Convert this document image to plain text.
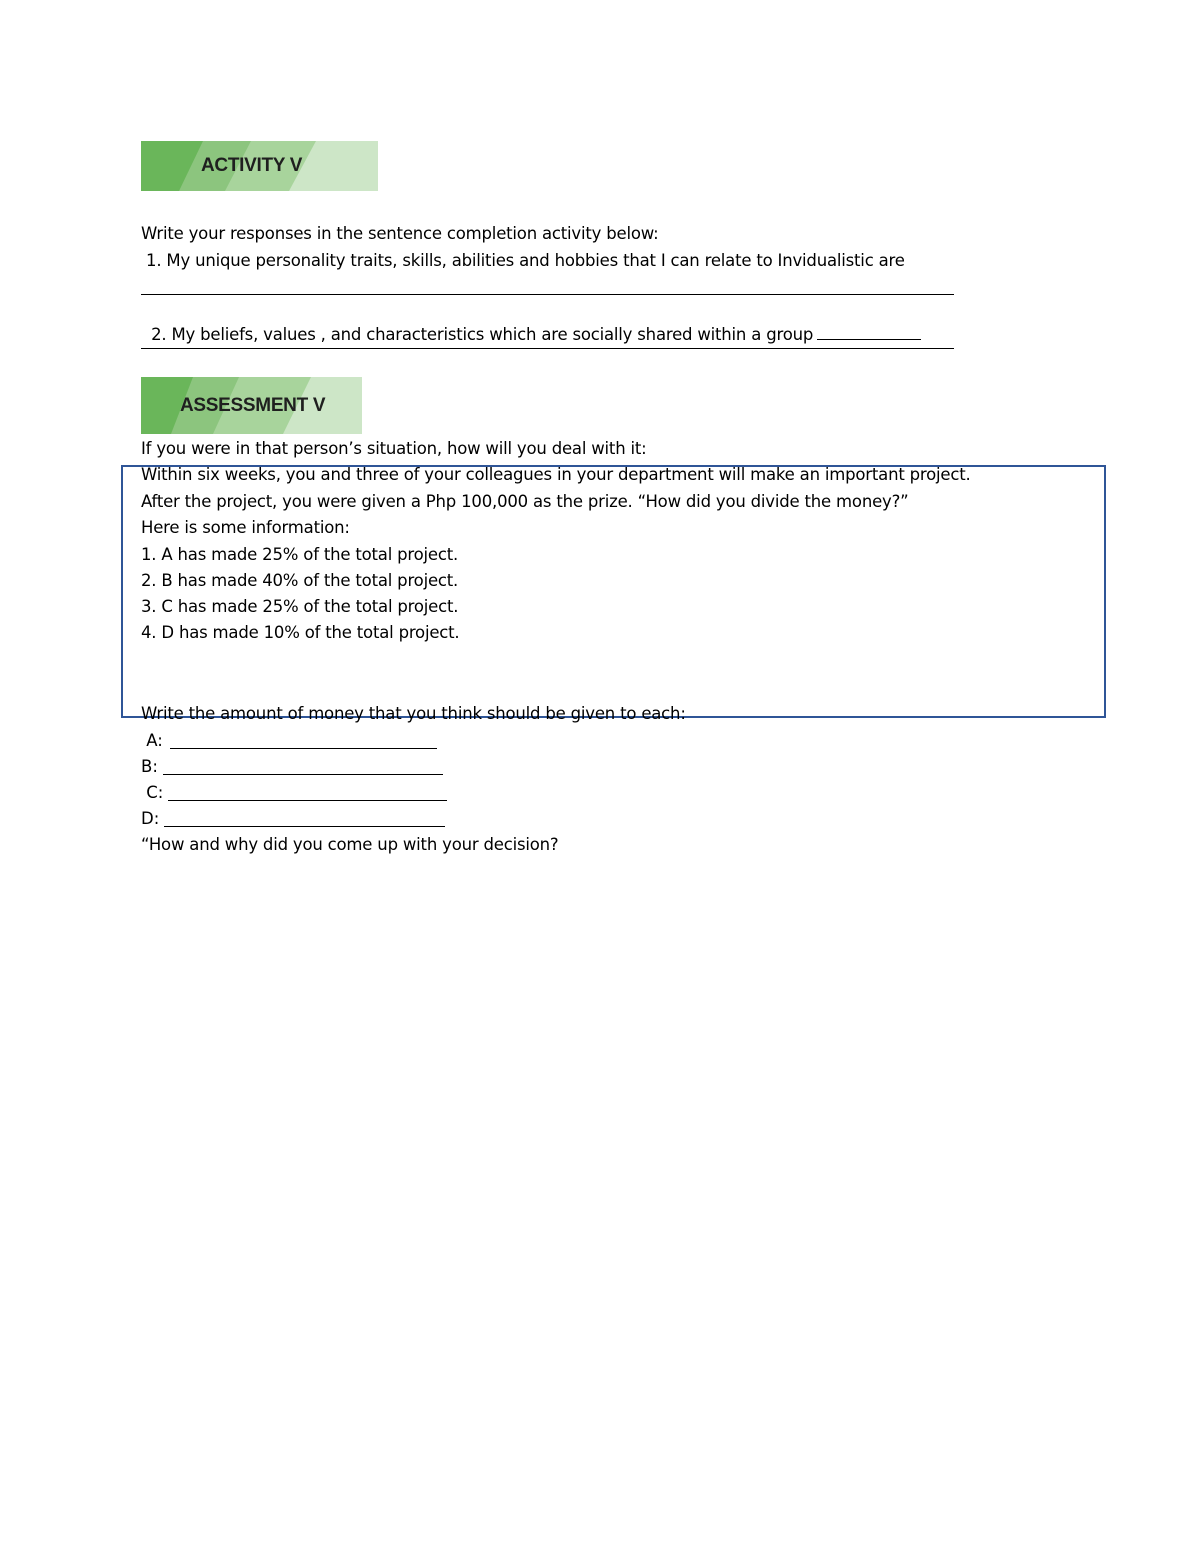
ACTIVITY V
Write your responses in the sentence completion activity below:
1. My unique personality traits, skills, abilities and hobbies that I can relate to Invidualistic are

2. My beliefs, values , and characteristics which are socially shared within a group

ASSESSMENT V
If you were in that person’s situation, how will you deal with it:
Within six weeks, you and three of your colleagues in your department will make an important project.
After the project, you were given a Php 100,000 as the prize. “How did you divide the money?”
Here is some information:
1. A has made 25% of the total project.
2. B has made 40% of the total project.
3. C has made 25% of the total project.
4. D has made 10% of the total project.
Write the amount of money that you think should be given to each:
A:
B:
C:
D:
“How and why did you come up with your decision?
